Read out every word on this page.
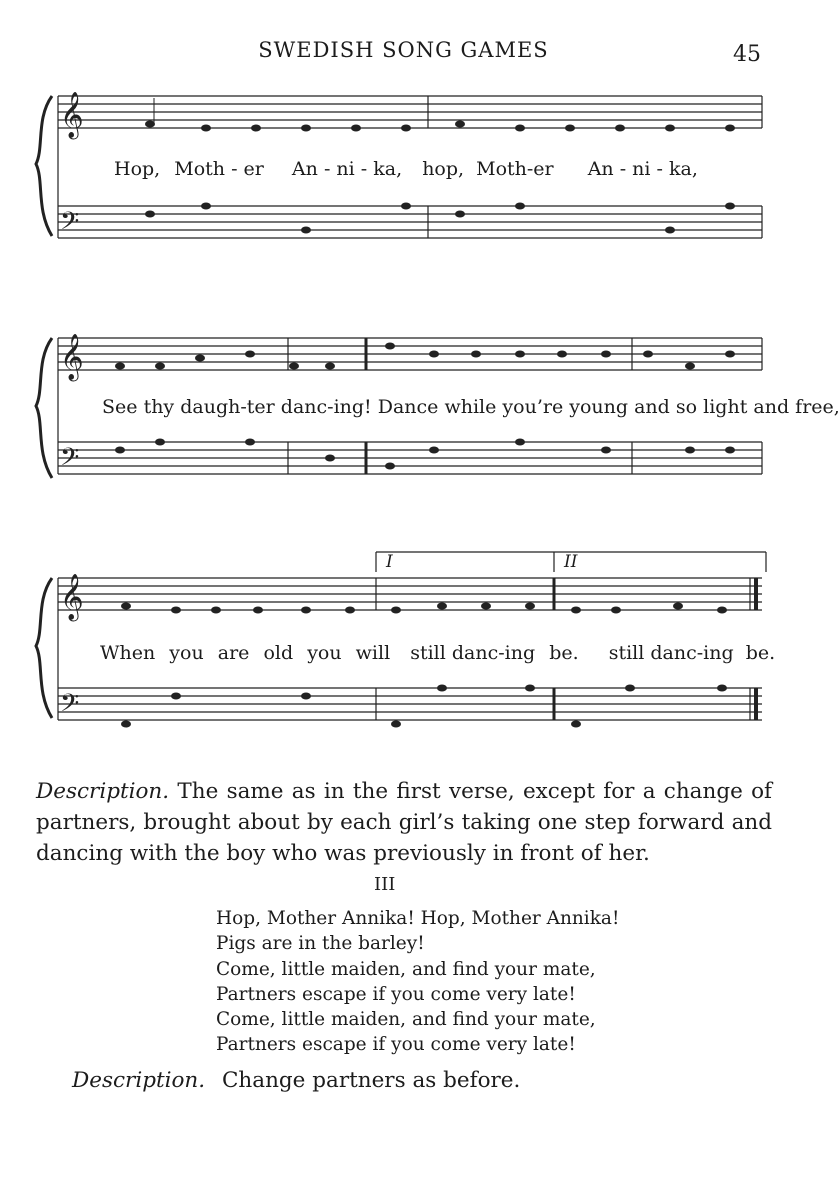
SWEDISH SONG GAMES	45
𝄞
𝄢
Hop, Moth - er An - ni - ka, hop, Moth-er An - ni - ka,
𝄞
𝄢
See thy daugh-ter danc-ing! Dance while you’re young and so light and free,
𝄞
𝄢
I	II
When you are old you will still danc-ing be. still danc-ing be.
Description. The same as in the first verse, except for a change of partners, brought about by each girl’s taking one step forward and dancing with the boy who was previously in front of her.
III
Hop, Mother Annika! Hop, Mother Annika!
Pigs are in the barley!
Come, little maiden, and find your mate,
Partners escape if you come very late!
Come, little maiden, and find your mate,
Partners escape if you come very late!
Description. Change partners as before.
